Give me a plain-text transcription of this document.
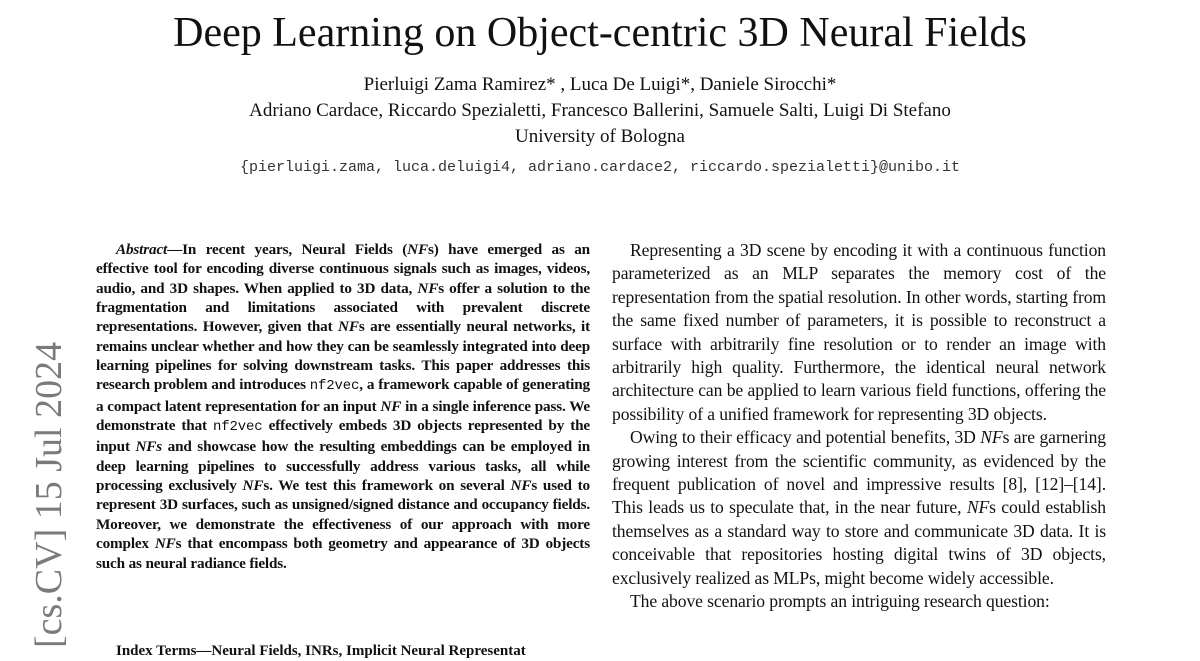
Deep Learning on Object-centric 3D Neural Fields
Pierluigi Zama Ramirez* , Luca De Luigi*, Daniele Sirocchi*
Adriano Cardace, Riccardo Spezialetti, Francesco Ballerini, Samuele Salti, Luigi Di Stefano
University of Bologna
{pierluigi.zama, luca.deluigi4, adriano.cardace2, riccardo.spezialetti}@unibo.it
[cs.CV] 15 Jul 2024

Abstract—In recent years, Neural Fields (NFs) have emerged as an effective tool for encoding diverse continuous signals such as images, videos, audio, and 3D shapes. When applied to 3D data, NFs offer a solution to the fragmentation and limitations associated with prevalent discrete representations. However, given that NFs are essentially neural networks, it remains unclear whether and how they can be seamlessly integrated into deep learning pipelines for solving downstream tasks. This paper addresses this research problem and introduces nf2vec, a framework capable of generating a compact latent representation for an input NF in a single inference pass. We demonstrate that nf2vec effectively embeds 3D objects represented by the input NFs and showcase how the resulting embeddings can be employed in deep learning pipelines to successfully address various tasks, all while processing exclusively NFs. We test this framework on several NFs used to represent 3D surfaces, such as unsigned/signed distance and occupancy fields. Moreover, we demonstrate the effectiveness of our approach with more complex NFs that encompass both geometry and appearance of 3D objects such as neural radiance fields.

Index Terms—Neural Fields, INRs, Implicit Neural Representat

Representing a 3D scene by encoding it with a continuous function parameterized as an MLP separates the memory cost of the representation from the spatial resolution. In other words, starting from the same fixed number of parameters, it is possible to reconstruct a surface with arbitrarily fine resolution or to render an image with arbitrarily high quality. Furthermore, the identical neural network architecture can be applied to learn various field functions, offering the possibility of a unified framework for representing 3D objects.

Owing to their efficacy and potential benefits, 3D NFs are garnering growing interest from the scientific community, as evidenced by the frequent publication of novel and impressive results [8], [12]–[14]. This leads us to speculate that, in the near future, NFs could establish themselves as a standard way to store and communicate 3D data. It is conceivable that repositories hosting digital twins of 3D objects, exclusively realized as MLPs, might become widely accessible.

The above scenario prompts an intriguing research question:
